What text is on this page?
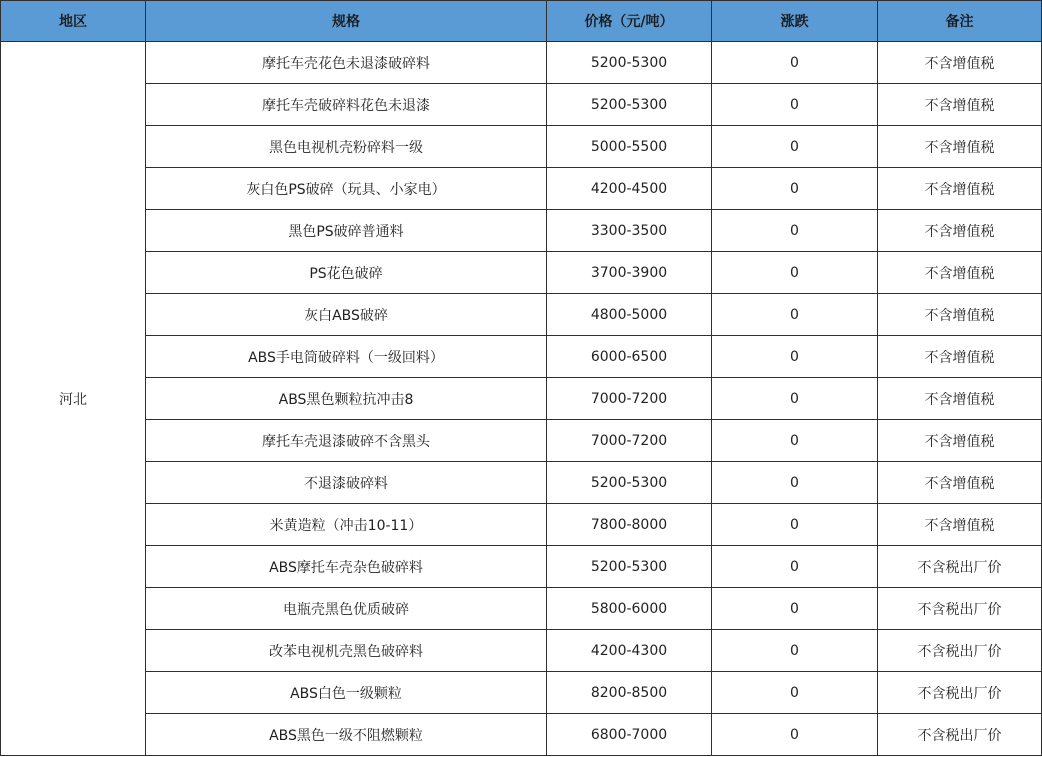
地区	规格	价格（元/吨）	涨跌	备注
河北	摩托车壳花色未退漆破碎料	5200-5300	0	不含增值税
	摩托车壳破碎料花色未退漆	5200-5300	0	不含增值税
	黑色电视机壳粉碎料一级	5000-5500	0	不含增值税
	灰白色PS破碎（玩具、小家电）	4200-4500	0	不含增值税
	黑色PS破碎普通料	3300-3500	0	不含增值税
	PS花色破碎	3700-3900	0	不含增值税
	灰白ABS破碎	4800-5000	0	不含增值税
	ABS手电筒破碎料（一级回料）	6000-6500	0	不含增值税
	ABS黑色颗粒抗冲击8	7000-7200	0	不含增值税
	摩托车壳退漆破碎不含黑头	7000-7200	0	不含增值税
	不退漆破碎料	5200-5300	0	不含增值税
	米黄造粒（冲击10-11）	7800-8000	0	不含增值税
	ABS摩托车壳杂色破碎料	5200-5300	0	不含税出厂价
	电瓶壳黑色优质破碎	5800-6000	0	不含税出厂价
	改苯电视机壳黑色破碎料	4200-4300	0	不含税出厂价
	ABS白色一级颗粒	8200-8500	0	不含税出厂价
	ABS黑色一级不阻燃颗粒	6800-7000	0	不含税出厂价
